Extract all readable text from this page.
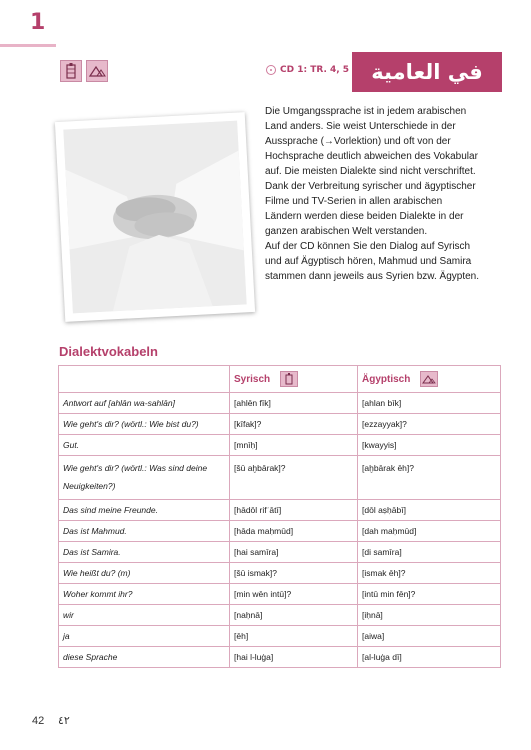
1
CD 1: TR. 4, 5 في العامية

Die Umgangssprache ist in jedem arabischen Land anders. Sie weist Unterschiede in der Aussprache (→Vorlektion) und oft von der Hochsprache deutlich abweichen des Vokabular auf. Die meisten Dialekte sind nicht verschriftet.

Dank der Verbreitung syrischer und ägyptischer Filme und TV-Serien in allen arabischen Ländern werden diese beiden Dialekte in der ganzen arabischen Welt verstanden.

Auf der CD können Sie den Dialog auf Syrisch und auf Ägyptisch hören, Mahmud und Samira stammen dann jeweils aus Syrien bzw. Ägypten.

Dialektvokabeln

	Syrisch	Ägyptisch

Antwort auf [ahlān wa-sahlān]	[ahlēn fīk]	[ahlan bīk]
Wie geht's dir? (wörtl.: Wie bist du?)	[kīfak]?	[ezzayyak]?
Gut.	[mnīḥ]	[kwayyis]
Wie geht's dir? (wörtl.: Was sind deine Neuigkeiten?)	[šū aḫbārak]?	[aḫbārak ēh]?
Das sind meine Freunde.	[hādōl rifʾātī]	[dōl aṣḥābī]
Das ist Mahmud.	[hāda maḥmūd]	[dah maḥmūd]
Das ist Samira.	[hai samīra]	[di samīra]
Wie heißt du? (m)	[šū ismak]?	[ismak ēh]?
Woher kommt ihr?	[min wēn intū]?	[intū min fēn]?
wir	[naḥnā]	[iḥnā]
ja	[ēh]	[aiwa]
diese Sprache	[hai l-luġa]	[al-luġa dī]
42 ٤٢
